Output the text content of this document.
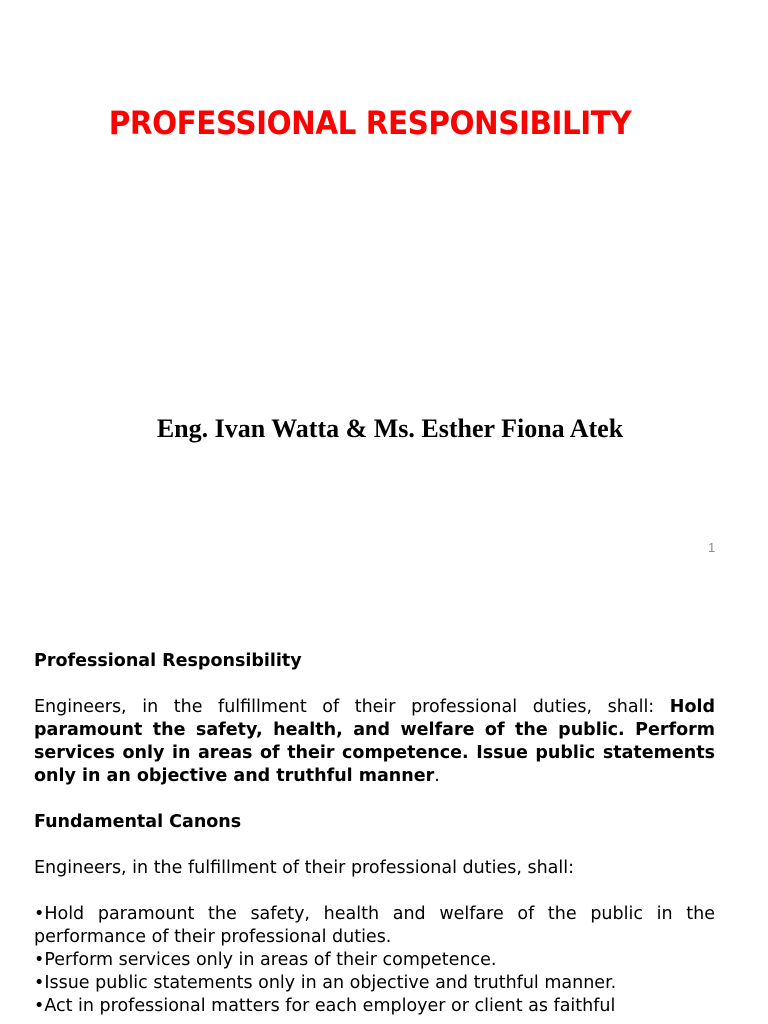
PROFESSIONAL RESPONSIBILITY
Eng. Ivan Watta & Ms. Esther Fiona Atek
1
Professional Responsibility

Engineers, in the fulfillment of their professional duties, shall: Hold paramount the safety, health, and welfare of the public. Perform services only in areas of their competence. Issue public statements only in an objective and truthful manner.

Fundamental Canons

Engineers, in the fulfillment of their professional duties, shall:

•Hold paramount the safety, health and welfare of the public in the performance of their professional duties.
•Perform services only in areas of their competence.
•Issue public statements only in an objective and truthful manner.
•Act in professional matters for each employer or client as faithful
